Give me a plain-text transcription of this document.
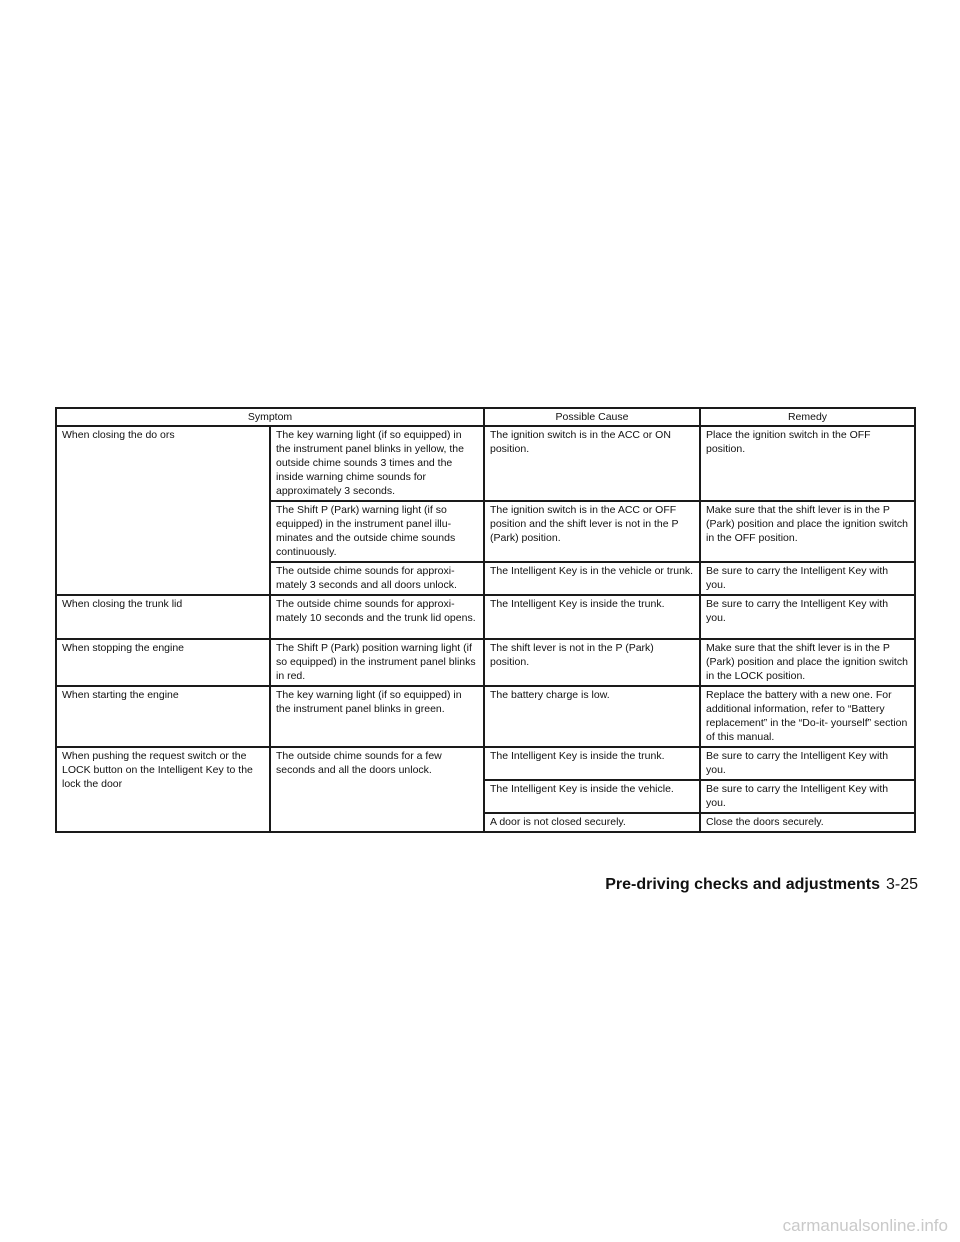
Symptom		Possible Cause	Remedy
When closing the do ors	The key warning light (if so equipped) in the instrument panel blinks in yellow, the outside chime sounds 3 times and the inside warning chime sounds for approximately 3 seconds.	The ignition switch is in the ACC or ON position.	Place the ignition switch in the OFF position.
	The Shift P (Park) warning light (if so equipped) in the instrument panel illu- minates and the outside chime sounds continuously.	The ignition switch is in the ACC or OFF position and the shift lever is not in the P (Park) position.	Make sure that the shift lever is in the P (Park) position and place the ignition switch in the OFF position.
	The outside chime sounds for approxi- mately 3 seconds and all doors unlock.	The Intelligent Key is in the vehicle or trunk.	Be sure to carry the Intelligent Key with you.
When closing the trunk lid	The outside chime sounds for approxi- mately 10 seconds and the trunk lid opens.	The Intelligent Key is inside the trunk.	Be sure to carry the Intelligent Key with you.
When stopping the engine	The Shift P (Park) position warning light (if so equipped) in the instrument panel blinks in red.	The shift lever is not in the P (Park) position.	Make sure that the shift lever is in the P (Park) position and place the ignition switch in the LOCK position.
When starting the engine	The key warning light (if so equipped) in the instrument panel blinks in green.	The battery charge is low.	Replace the battery with a new one. For additional information, refer to “Battery replacement” in the “Do-it- yourself” section of this manual.
When pushing the request switch or the LOCK button on the Intelligent Key to the lock the door	The outside chime sounds for a few seconds and all the doors unlock.	The Intelligent Key is inside the trunk.	Be sure to carry the Intelligent Key with you.
		The Intelligent Key is inside the vehicle.	Be sure to carry the Intelligent Key with you.
		A door is not closed securely.	Close the doors securely.
Pre-driving checks and adjustments 3-25
carmanualsonline.info
